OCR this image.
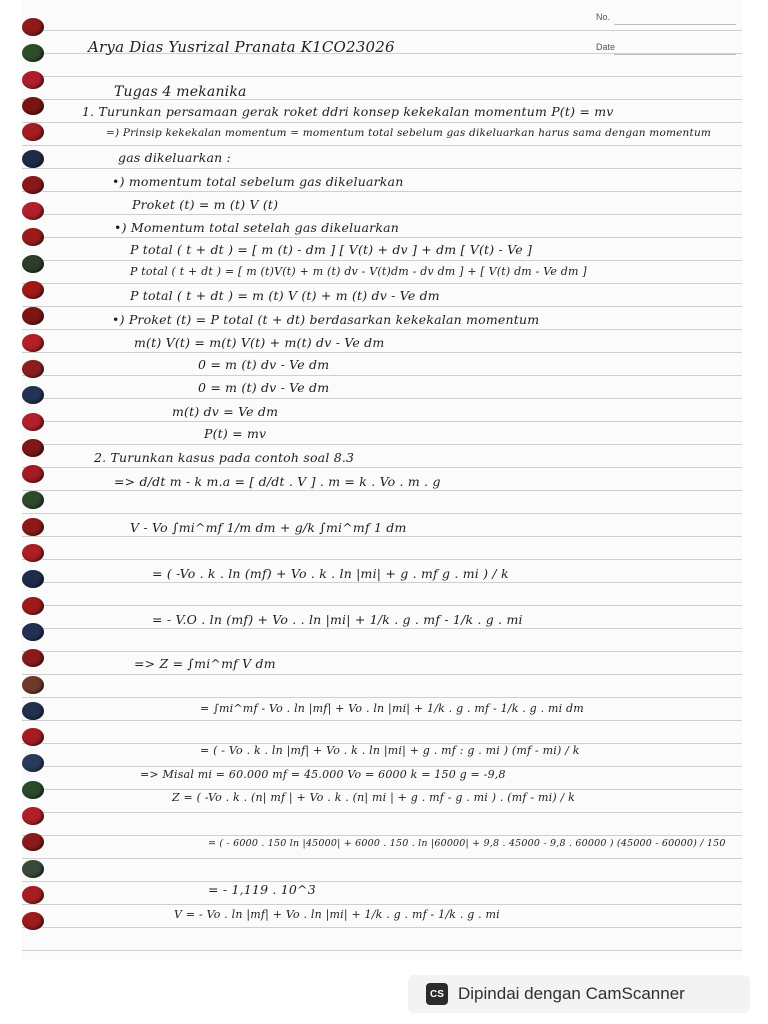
No.
Date
Arya Dias Yusrizal Pranata K1CO23026
Tugas 4 mekanika
1. Turunkan persamaan gerak roket ddri konsep kekekalan momentum P(t) = mv
=) Prinsip kekekalan momentum = momentum total sebelum gas dikeluarkan harus sama dengan momentum
gas dikeluarkan :
•) momentum total sebelum gas dikeluarkan
Proket (t) = m (t) V (t)
•) Momentum total setelah gas dikeluarkan
P total ( t + dt ) = [ m (t) - dm ] [ V(t) + dv ] + dm [ V(t) - Ve ]
P total ( t + dt ) = [ m (t)V(t) + m (t) dv - V(t)dm - dv dm ] + [ V(t) dm - Ve dm ]
P total ( t + dt ) = m (t) V (t) + m (t) dv - Ve dm
•) Proket (t) = P total (t + dt) berdasarkan kekekalan momentum
m(t) V(t) = m(t) V(t) + m(t) dv - Ve dm
0 = m (t) dv - Ve dm
0 = m (t) dv - Ve dm
m(t) dv = Ve dm
P(t) = mv
2. Turunkan kasus pada contoh soal 8.3
=> d/dt m - k m.a = [ d/dt . V ] . m = k . Vo . m . g
V - Vo ∫mi^mf 1/m dm + g/k ∫mi^mf 1 dm
= ( -Vo . k . ln (mf) + Vo . k . ln |mi| + g . mf g . mi ) / k
= - V.O . ln (mf) + Vo . . ln |mi| + 1/k . g . mf - 1/k . g . mi
=> Z = ∫mi^mf V dm
= ∫mi^mf - Vo . ln |mf| + Vo . ln |mi| + 1/k . g . mf - 1/k . g . mi dm
= ( - Vo . k . ln |mf| + Vo . k . ln |mi| + g . mf : g . mi ) (mf - mi) / k
=> Misal mi = 60.000 mf = 45.000 Vo = 6000 k = 150 g = -9,8
Z = ( -Vo . k . (n| mf | + Vo . k . (n| mi | + g . mf - g . mi ) . (mf - mi) / k
= ( - 6000 . 150 ln |45000| + 6000 . 150 . ln |60000| + 9,8 . 45000 - 9,8 . 60000 ) (45000 - 60000) / 150
= - 1,119 . 10^3
V = - Vo . ln |mf| + Vo . ln |mi| + 1/k . g . mf - 1/k . g . mi
CS Dipindai dengan CamScanner
